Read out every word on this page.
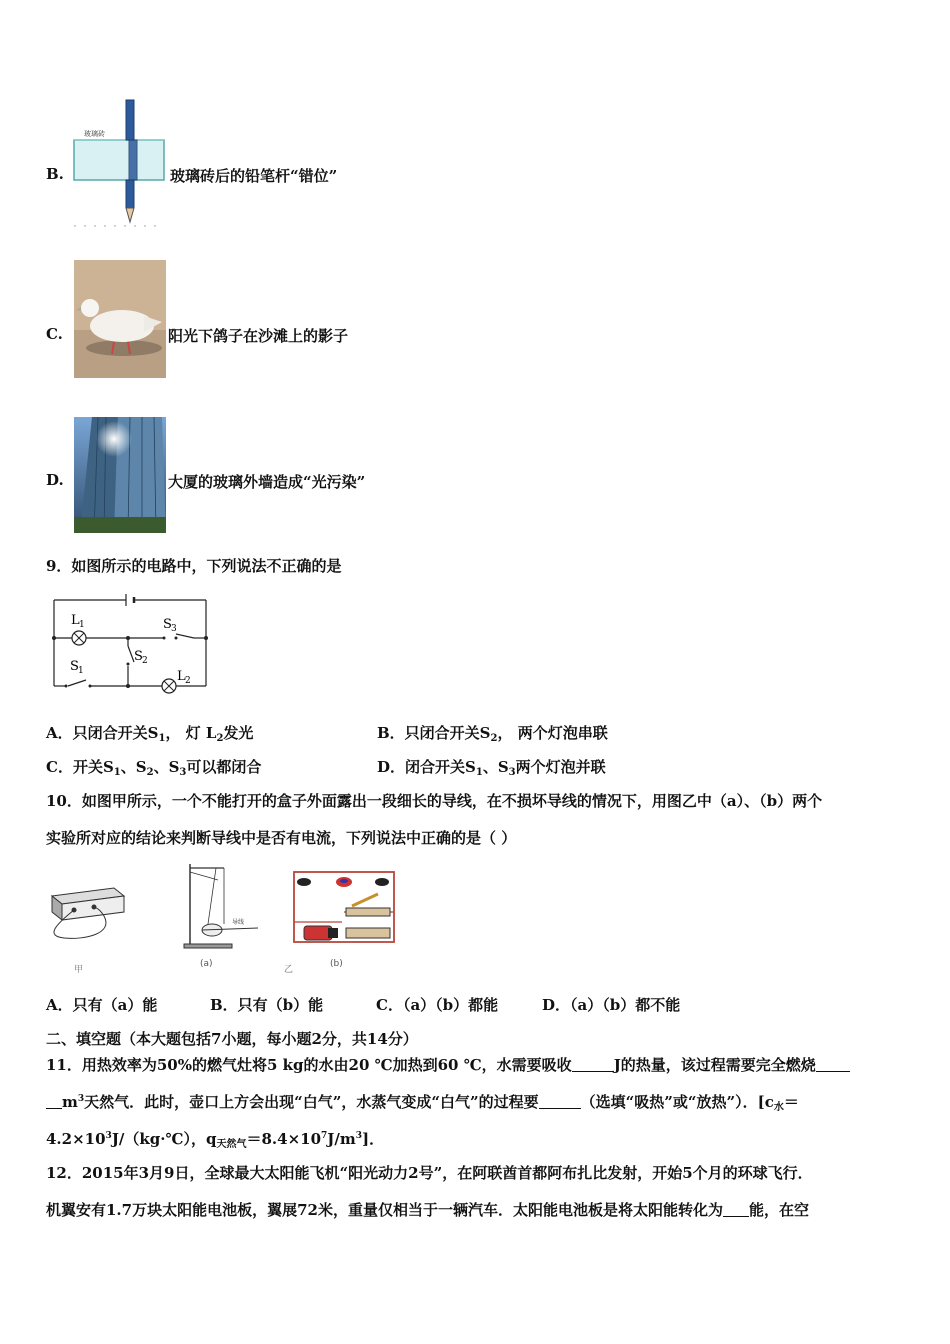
B.
玻璃砖
玻璃砖后的铅笔杆“错位”
C.	阳光下鸽子在沙滩上的影子
D.	大厦的玻璃外墙造成“光污染”
9．如图所示的电路中，下列说法不正确的是
L 1	S 3
S 1
S 2
L 2
A．只闭合开关$S_1$， 灯 $L_2$发光	B．只闭合开关$S_2$， 两个灯泡串联
C．开关$S_1$、$S_2$、$S_3$可以都闭合	D．闭合开关$S_1$、$S_3$两个灯泡并联
10．如图甲所示，一个不能打开的盒子外面露出一段细长的导线，在不损坏导线的情况下，用图乙中（a）、（b）两个
实验所对应的结论来判断导线中是否有电流，下列说法中正确的是（ ）
甲
导线
(a)
乙
(b)
A．只有（a）能	B．只有（b）能	C．（a）（b）都能	D．（a）（b）都不能
二、填空题（本大题包括7小题，每小题2分，共14分）
11．用热效率为50%的燃气灶将5 kg的水由20 ℃加热到60 ℃，水需要吸收	J的热量，该过程需要完全燃烧
$m^3$天然气．此时，壶口上方会出现“白气”，水蒸气变成“白气”的过程要	（选填“吸热”或“放热”）．[$c_水=$
$4.2\times 10^3J/(kg\cdot℃)$，$q_{天然气}=8.4\times 10^7J/m^3$]．
12．2015年3月9日，全球最大太阳能飞机“阳光动力2号”，在阿联酋首都阿布扎比发射，开始5个月的环球飞行．
机翼安有1.7万块太阳能电池板，翼展72米，重量仅相当于一辆汽车．太阳能电池板是将太阳能转化为 能，在空
